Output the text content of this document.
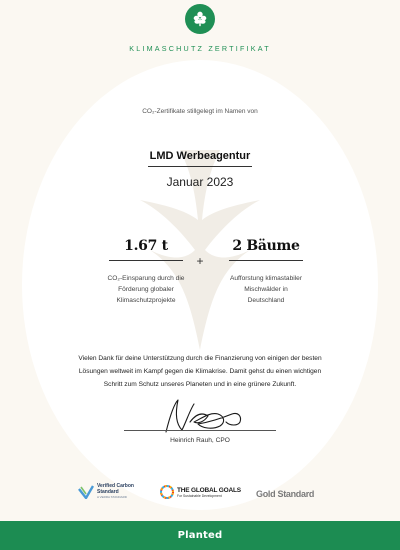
KLIMASCHUTZ ZERTIFIKAT
CO₂-Zertifikate stillgelegt im Namen von
LMD Werbeagentur
Januar 2023
1.67 t
CO₂-Einsparung durch die
Förderung globaler
Klimaschutzprojekte
+
2 Bäume
Aufforstung klimastabiler
Mischwälder in
Deutschland
Vielen Dank für deine Unterstützung durch die Finanzierung von einigen der besten
Lösungen weltweit im Kampf gegen die Klimakrise. Damit gehst du einen wichtigen
Schritt zum Schutz unseres Planeten und in eine grünere Zukunft.
Heinrich Rauh, CPO
Verified Carbon
Standard
A VERRA STANDARD
THE GLOBAL GOALS
For Sustainable Development	Gold Standard
Planted
